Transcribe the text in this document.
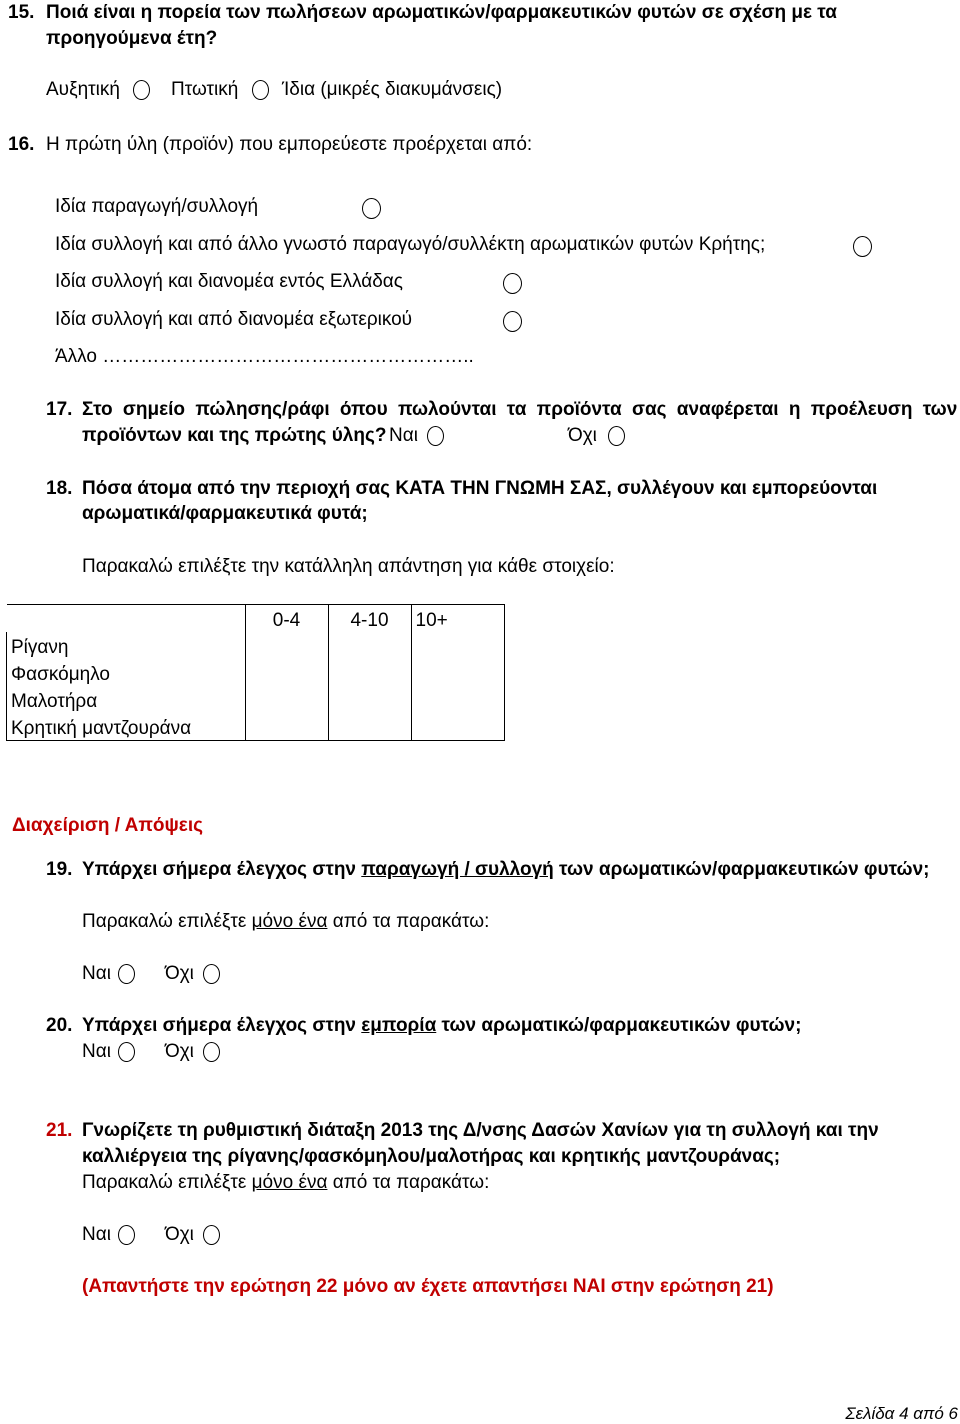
15. Ποιά είναι η πορεία των πωλήσεων αρωματικών/φαρμακευτικών φυτών σε σχέση με τα
προηγούμενα έτη?
Αυξητική	Πτωτική	Ίδια (μικρές διακυμάνσεις)
16. Η πρώτη ύλη (προϊόν) που εμπορεύεστε προέρχεται από:
Ιδία παραγωγή/συλλογή
Ιδία συλλογή και από άλλο γνωστό παραγωγό/συλλέκτη αρωματικών φυτών Κρήτης;
Ιδία συλλογή και διανομέα εντός Ελλάδας
Ιδία συλλογή και από διανομέα εξωτερικού
Άλλο …………………………………………………..
17. Στο σημείο πώλησης/ράφι όπου πωλούνται τα προϊόντα σας αναφέρεται η προέλευση των
προϊόντων και της πρώτης ύλης? Ναι	Όχι
18. Πόσα άτομα από την περιοχή σας ΚΑΤΑ ΤΗΝ ΓΝΩΜΗ ΣΑΣ, συλλέγουν και εμπορεύονται
αρωματικά/φαρμακευτικά φυτά;
Παρακαλώ επιλέξτε την κατάλληλη απάντηση για κάθε στοιχείο:
	0-4	4-10	10+
Ρίγανη			
Φασκόμηλο			
Μαλοτήρα			
Κρητική μαντζουράνα			
Διαχείριση / Απόψεις
19. Υπάρχει σήμερα έλεγχος στην παραγωγή / συλλογή των αρωματικών/φαρμακευτικών φυτών;
Παρακαλώ επιλέξτε μόνο ένα από τα παρακάτω:
Ναι	Όχι
20. Υπάρχει σήμερα έλεγχος στην εμπορία των αρωματικώ/φαρμακευτικών φυτών;
Ναι	Όχι
21. Γνωρίζετε τη ρυθμιστική διάταξη 2013 της Δ/νσης Δασών Χανίων για τη συλλογή και την
καλλιέργεια της ρίγανης/φασκόμηλου/μαλοτήρας και κρητικής μαντζουράνας;
Παρακαλώ επιλέξτε μόνο ένα από τα παρακάτω:
Ναι	Όχι
(Απαντήστε την ερώτηση 22 μόνο αν έχετε απαντήσει ΝΑΙ στην ερώτηση 21)
Σελίδα 4 από 6
